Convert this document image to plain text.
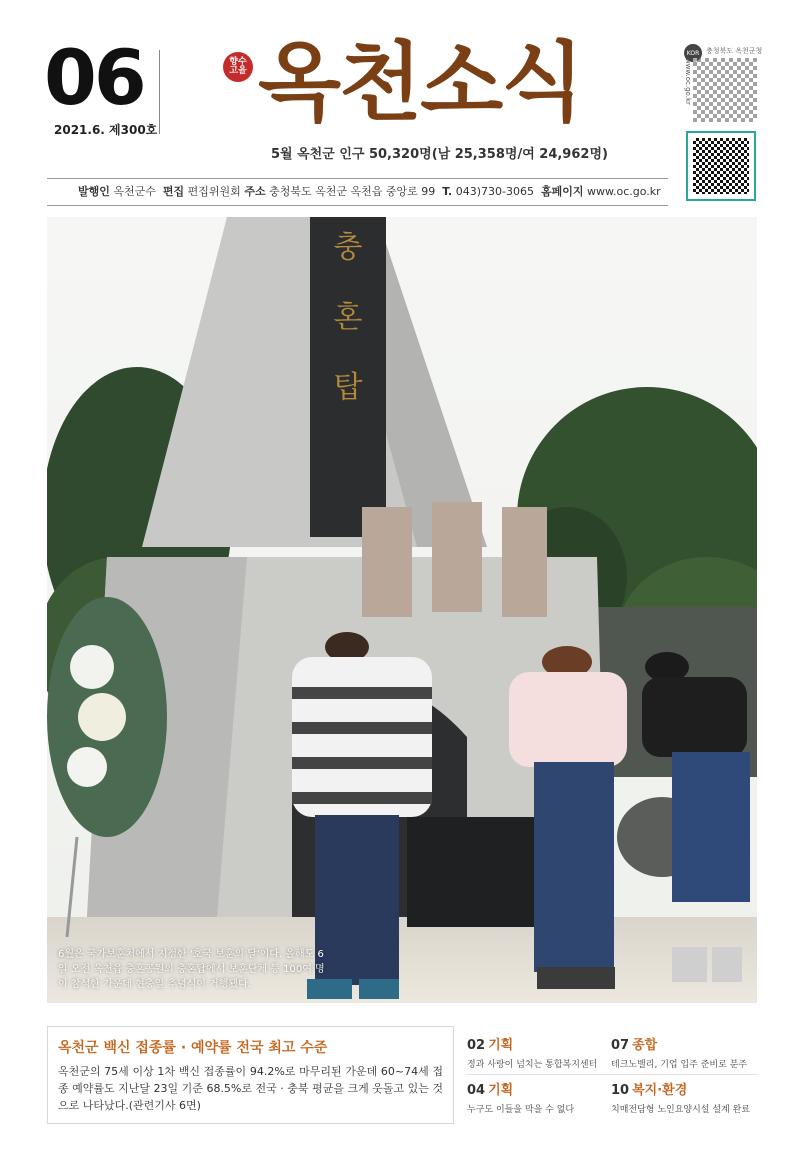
06
2021.6. 제300호
향수
고을 옥천소식
5월 옥천군 인구 50,320명(남 25,358명/여 24,962명)
KOR 충청북도 옥천군청
www.oc.go.kr
발행인 옥천군수 편집 편집위원회 주소 충청북도 옥천군 옥천읍 중앙로 99 T. 043)730-3065 홈페이지 www.oc.go.kr
충
혼
탑
6월은 국가보훈처에서 지정한 '호국 보훈의 달'이다. 올해도 6일 오전 옥천읍 충혼공원의 충혼탑에서 보훈단체 등 100여 명이 참석한 가운데 현충일 추념식이 거행됐다.
옥천군 백신 접종률 · 예약률 전국 최고 수준
옥천군의 75세 이상 1차 백신 접종률이 94.2%로 마무리된 가운데 60~74세 접종 예약률도 지난달 23일 기준 68.5%로 전국 · 충북 평균을 크게 웃돌고 있는 것으로 나타났다.(관련기사 6면)
02 기획
정과 사랑이 넘치는 통합복지센터
04 기획
누구도 이들을 막을 수 없다
07 종합
테크노밸리, 기업 입주 준비로 분주
10 복지·환경
치매전담형 노인요양시설 설계 완료
